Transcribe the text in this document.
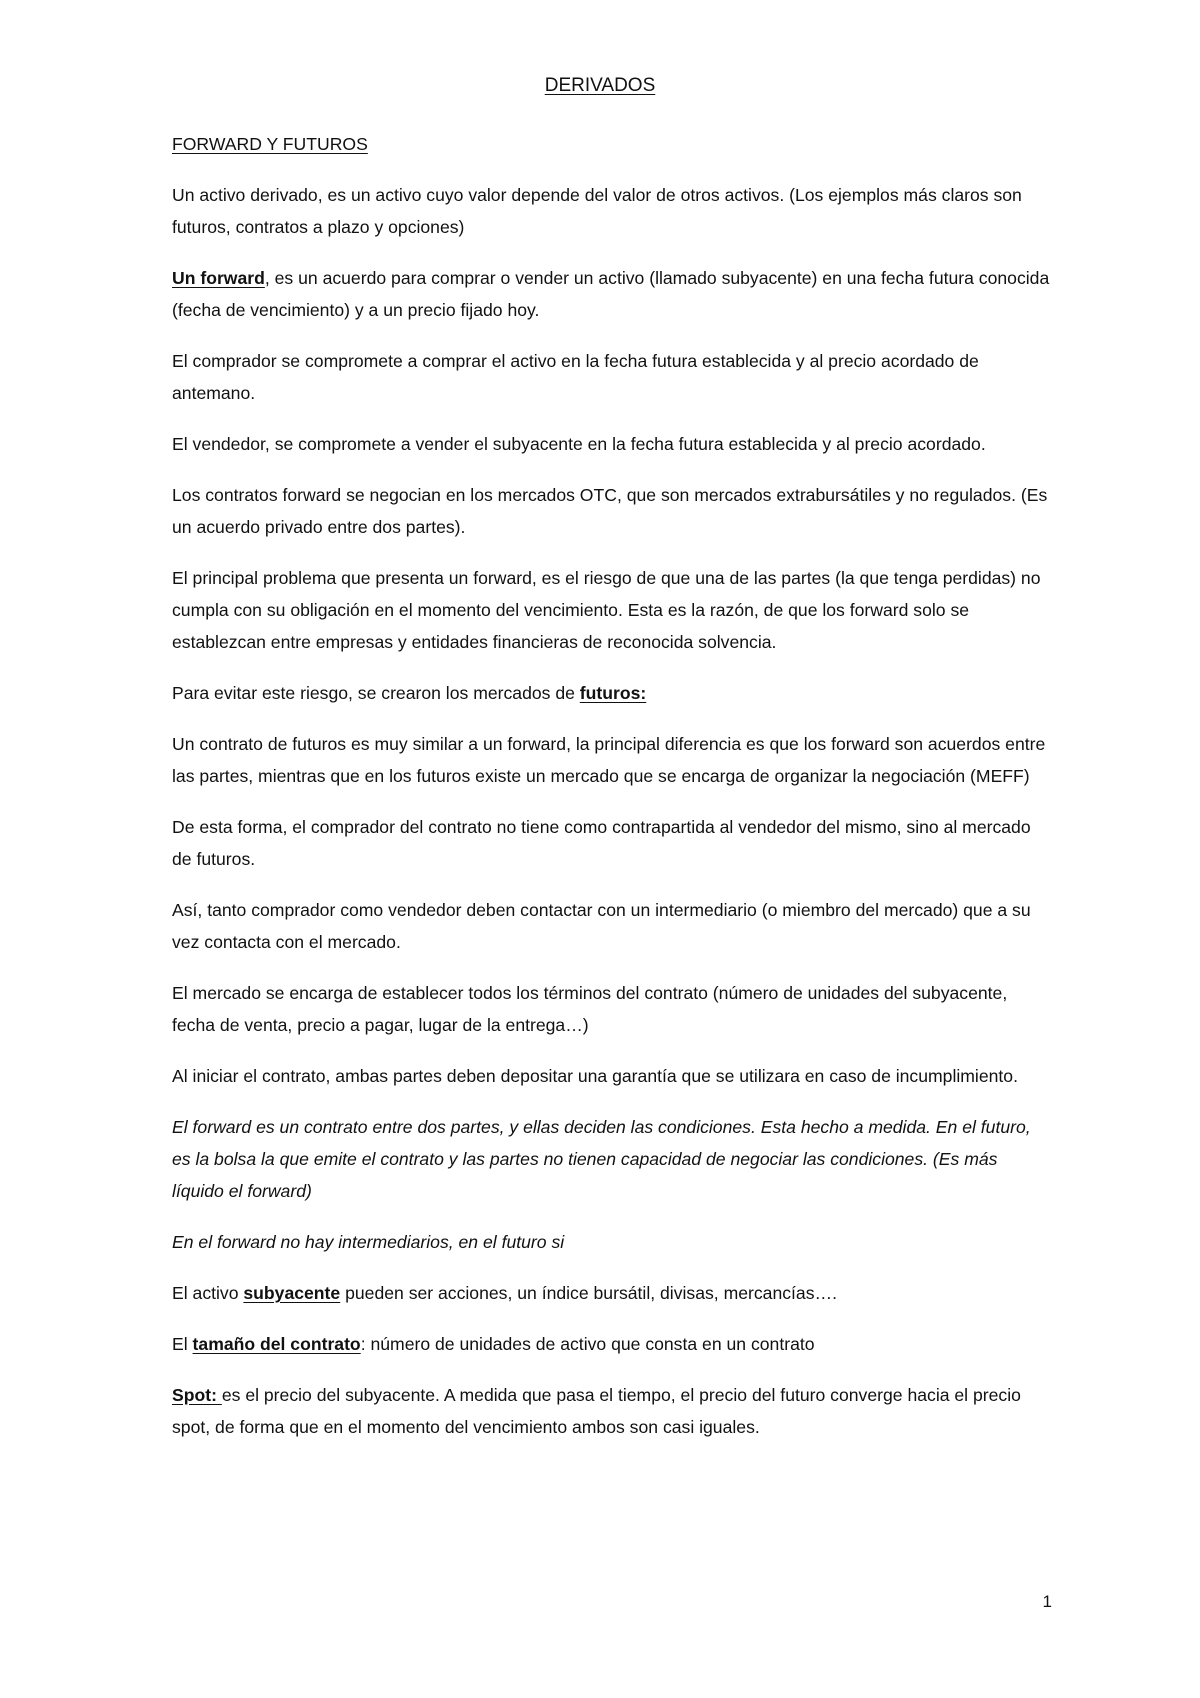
DERIVADOS

FORWARD Y FUTUROS

Un activo derivado, es un activo cuyo valor depende del valor de otros activos. (Los ejemplos más claros son futuros, contratos a plazo y opciones)

Un forward, es un acuerdo para comprar o vender un activo (llamado subyacente) en una fecha futura conocida (fecha de vencimiento) y a un precio fijado hoy.

El comprador se compromete a comprar el activo en la fecha futura establecida y al precio acordado de antemano.

El vendedor, se compromete a vender el subyacente en la fecha futura establecida y al precio acordado.

Los contratos forward se negocian en los mercados OTC, que son mercados extrabursátiles y no regulados. (Es un acuerdo privado entre dos partes).

El principal problema que presenta un forward, es el riesgo de que una de las partes (la que tenga perdidas) no cumpla con su obligación en el momento del vencimiento. Esta es la razón, de que los forward solo se establezcan entre empresas y entidades financieras de reconocida solvencia.

Para evitar este riesgo, se crearon los mercados de futuros:

Un contrato de futuros es muy similar a un forward, la principal diferencia es que los forward son acuerdos entre las partes, mientras que en los futuros existe un mercado que se encarga de organizar la negociación (MEFF)

De esta forma, el comprador del contrato no tiene como contrapartida al vendedor del mismo, sino al mercado de futuros.

Así, tanto comprador como vendedor deben contactar con un intermediario (o miembro del mercado) que a su vez contacta con el mercado.

El mercado se encarga de establecer todos los términos del contrato (número de unidades del subyacente, fecha de venta, precio a pagar, lugar de la entrega…)

Al iniciar el contrato, ambas partes deben depositar una garantía que se utilizara en caso de incumplimiento.

El forward es un contrato entre dos partes, y ellas deciden las condiciones. Esta hecho a medida. En el futuro, es la bolsa la que emite el contrato y las partes no tienen capacidad de negociar las condiciones. (Es más líquido el forward)

En el forward no hay intermediarios, en el futuro si

El activo subyacente pueden ser acciones, un índice bursátil, divisas, mercancías….

El tamaño del contrato: número de unidades de activo que consta en un contrato

Spot: es el precio del subyacente. A medida que pasa el tiempo, el precio del futuro converge hacia el precio spot, de forma que en el momento del vencimiento ambos son casi iguales.

1
